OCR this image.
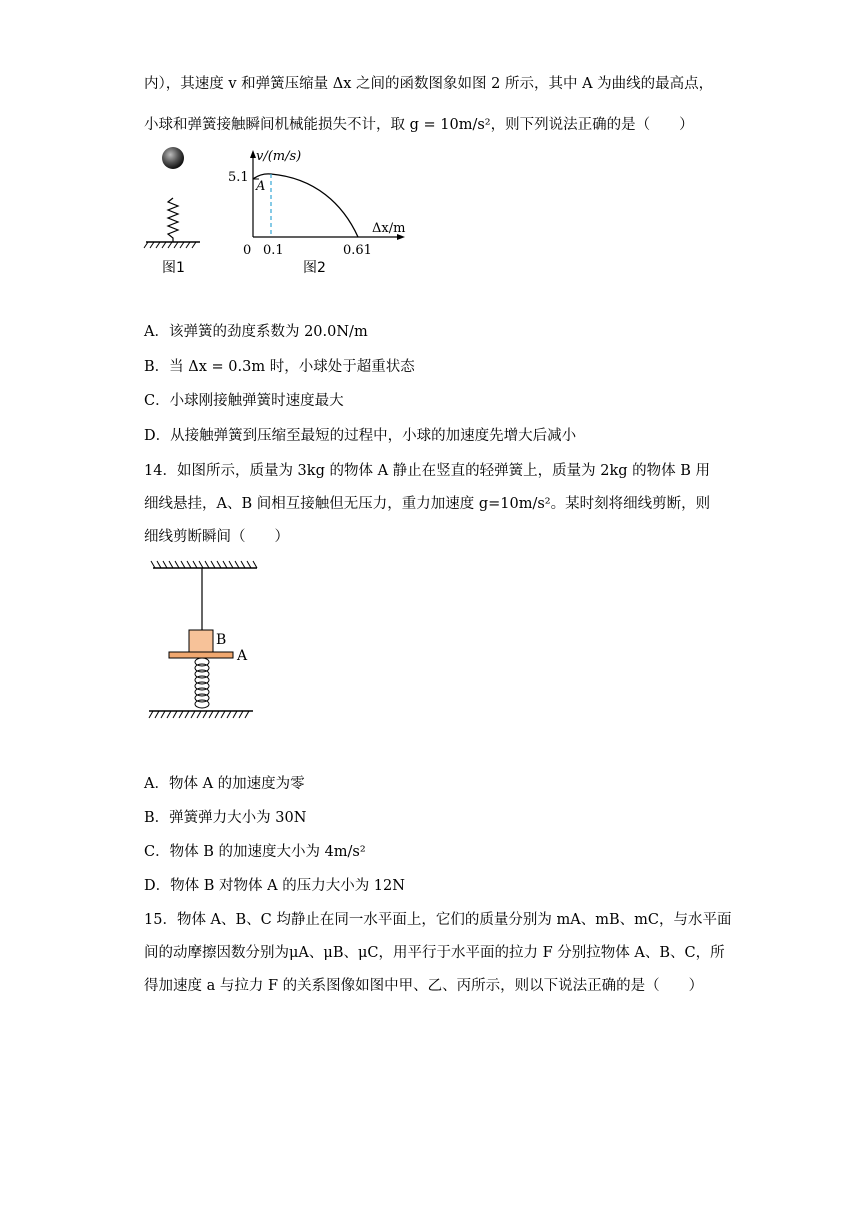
内），其速度 v 和弹簧压缩量 Δx 之间的函数图象如图 2 所示，其中 A 为曲线的最高点，
小球和弹簧接触瞬间机械能损失不计，取 g = 10m/s²，则下列说法正确的是（　　）
图1
v/(m/s)
Δx/m
5.1
A
0 0.1	0.61
图2
A．该弹簧的劲度系数为 20.0N/m
B．当 Δx = 0.3m 时，小球处于超重状态
C．小球刚接触弹簧时速度最大
D．从接触弹簧到压缩至最短的过程中，小球的加速度先增大后减小
14．如图所示，质量为 3kg 的物体 A 静止在竖直的轻弹簧上，质量为 2kg 的物体 B 用
细线悬挂，A、B 间相互接触但无压力，重力加速度 g=10m/s²。某时刻将细线剪断，则
细线剪断瞬间（　　）
B
A
A．物体 A 的加速度为零
B．弹簧弹力大小为 30N
C．物体 B 的加速度大小为 4m/s²
D．物体 B 对物体 A 的压力大小为 12N
15．物体 A、B、C 均静止在同一水平面上，它们的质量分别为 mA、mB、mC，与水平面
间的动摩擦因数分别为μA、μB、μC，用平行于水平面的拉力 F 分别拉物体 A、B、C，所
得加速度 a 与拉力 F 的关系图像如图中甲、乙、丙所示，则以下说法正确的是（　　）
